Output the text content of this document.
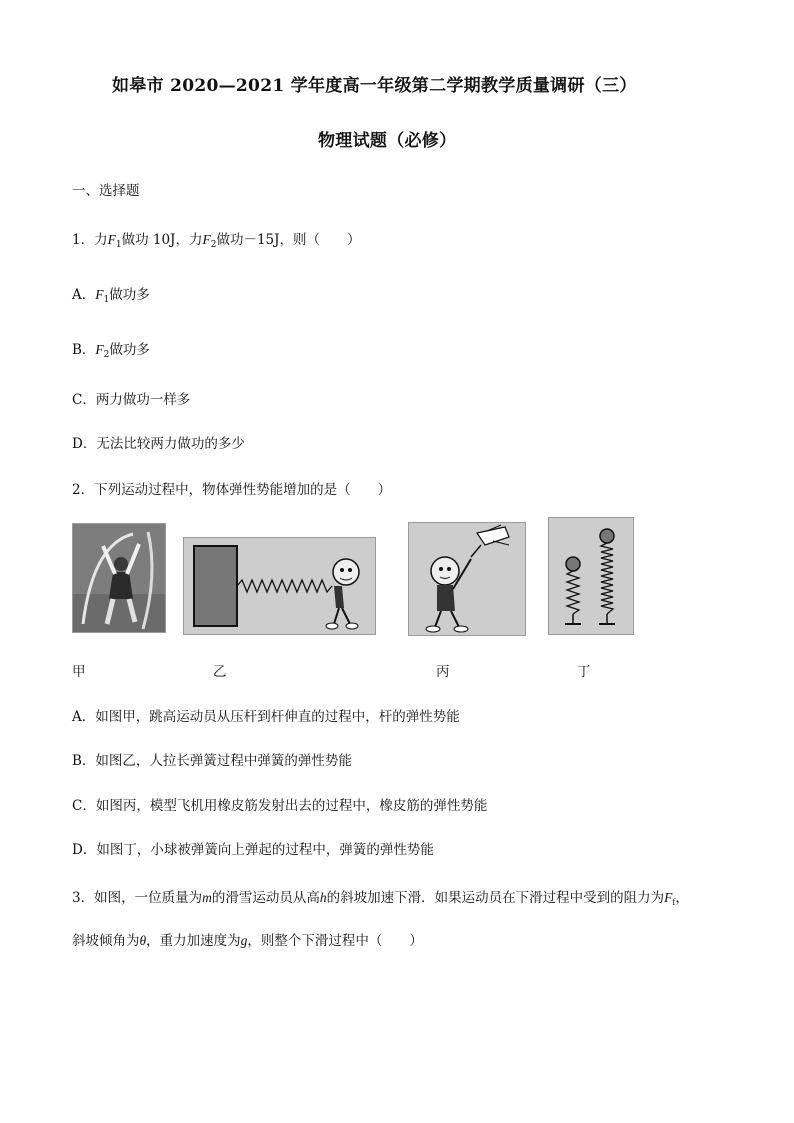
如皋市 2020—2021 学年度高一年级第二学期教学质量调研（三）
物理试题（必修）
一、选择题
1．力$F_1$做功 10J，力$F_2$做功－15J，则（　　）
A．$F_1$做功多
B．$F_2$做功多
C．两力做功一样多
D．无法比较两力做功的多少
2．下列运动过程中，物体弹性势能增加的是（　　）
甲	乙	丙	丁
A．如图甲，跳高运动员从压杆到杆伸直的过程中，杆的弹性势能
B．如图乙，人拉长弹簧过程中弹簧的弹性势能
C．如图丙，模型飞机用橡皮筋发射出去的过程中，橡皮筋的弹性势能
D．如图丁，小球被弹簧向上弹起的过程中，弹簧的弹性势能
3．如图，一位质量为m的滑雪运动员从高h的斜坡加速下滑．如果运动员在下滑过程中受到的阻力为$F_f$，
斜坡倾角为θ，重力加速度为g，则整个下滑过程中（　　）
